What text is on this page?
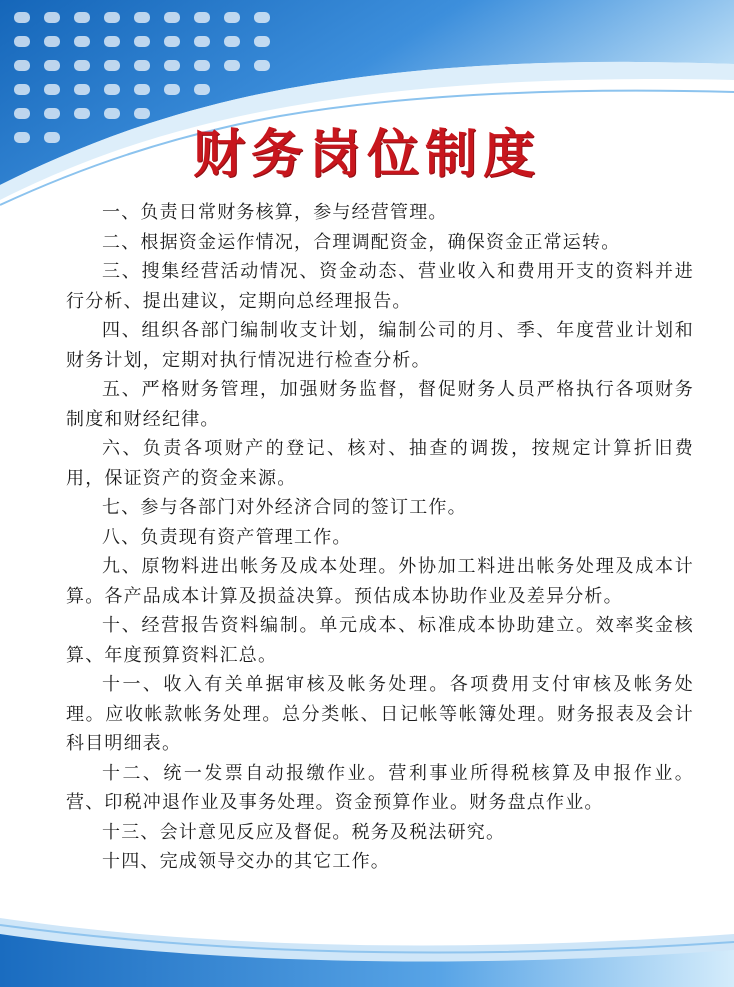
财务岗位制度

一、负责日常财务核算，参与经营管理。

二、根据资金运作情况，合理调配资金，确保资金正常运转。

三、搜集经营活动情况、资金动态、营业收入和费用开支的资料并进行分析、提出建议，定期向总经理报告。

四、组织各部门编制收支计划，编制公司的月、季、年度营业计划和财务计划，定期对执行情况进行检查分析。

五、严格财务管理，加强财务监督，督促财务人员严格执行各项财务制度和财经纪律。

六、负责各项财产的登记、核对、抽查的调拨，按规定计算折旧费用，保证资产的资金来源。

七、参与各部门对外经济合同的签订工作。

八、负责现有资产管理工作。

九、原物料进出帐务及成本处理。外协加工料进出帐务处理及成本计算。各产品成本计算及损益决算。预估成本协助作业及差异分析。

十、经营报告资料编制。单元成本、标准成本协助建立。效率奖金核算、年度预算资料汇总。

十一、收入有关单据审核及帐务处理。各项费用支付审核及帐务处理。应收帐款帐务处理。总分类帐、日记帐等帐簿处理。财务报表及会计科目明细表。

十二、统一发票自动报缴作业。营利事业所得税核算及申报作业。营、印税冲退作业及事务处理。资金预算作业。财务盘点作业。

十三、会计意见反应及督促。税务及税法研究。

十四、完成领导交办的其它工作。
